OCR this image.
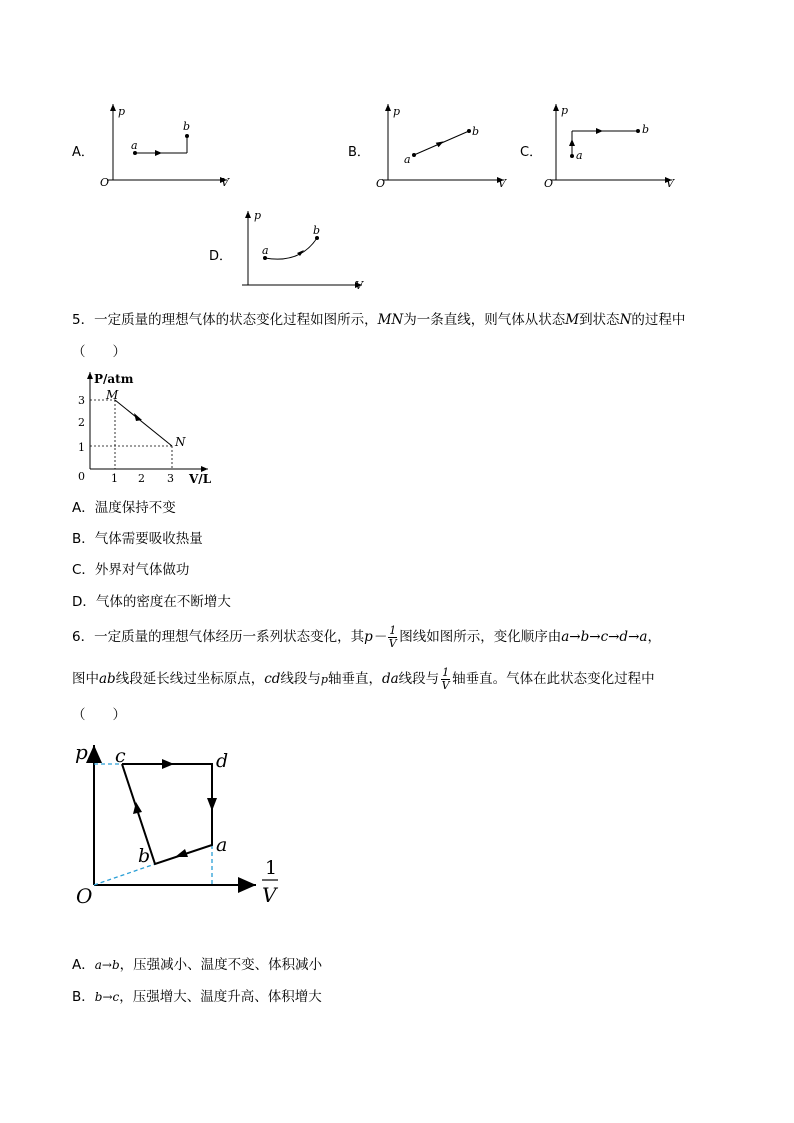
A．
p
V
O
a
b
B．
p
V
O
a
b
C．
p
V
O
a
b
D．
p
V
a
b
5．一定质量的理想气体的状态变化过程如图所示，MN为一条直线，则气体从状态M到状态N的过程中
（　　）
P/atm
V/L
0
1
2
3
1 2 3
M
N
A．温度保持不变
B．气体需要吸收热量
C．外界对气体做功
D．气体的密度在不断增大
6．一定质量的理想气体经历一系列状态变化，其$p- \frac{1}{V}$ 图线如图所示，变化顺序由a→b→c→d→a，
图中ab线段延长线过坐标原点，cd线段与p轴垂直，da线段与 $\frac{1}{V}$ 轴垂直。气体在此状态变化过程中
（　　）
p
O
1
V
c	d
a
b
A．a→b，压强减小、温度不变、体积减小
B．b→c，压强增大、温度升高、体积增大
